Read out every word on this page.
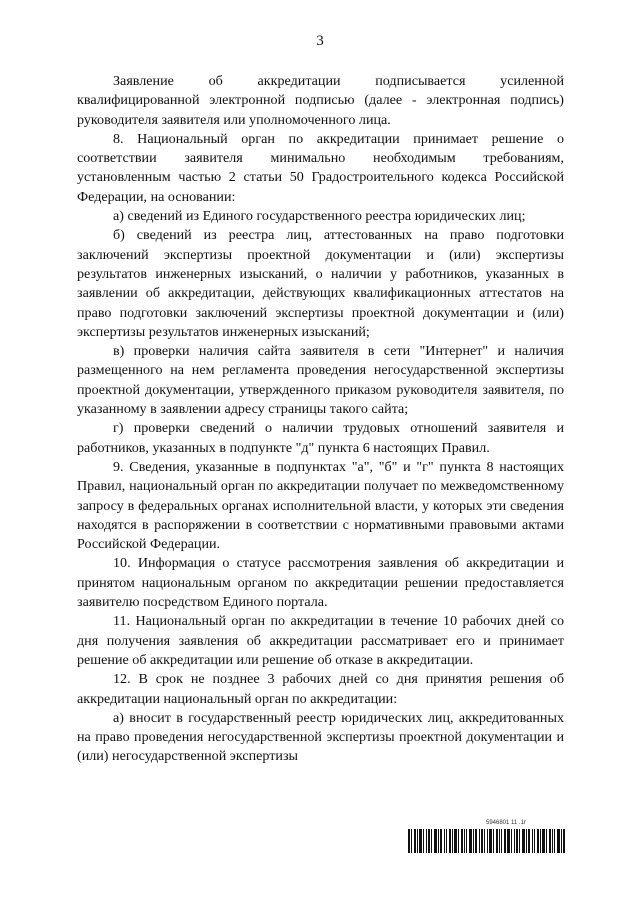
3

Заявление об аккредитации подписывается усиленной квалифицированной электронной подписью (далее - электронная подпись) руководителя заявителя или уполномоченного лица.

8. Национальный орган по аккредитации принимает решение о соответствии заявителя минимально необходимым требованиям, установленным частью 2 статьи 50 Градостроительного кодекса Российской Федерации, на основании:

а) сведений из Единого государственного реестра юридических лиц;

б) сведений из реестра лиц, аттестованных на право подготовки заключений экспертизы проектной документации и (или) экспертизы результатов инженерных изысканий, о наличии у работников, указанных в заявлении об аккредитации, действующих квалификационных аттестатов на право подготовки заключений экспертизы проектной документации и (или) экспертизы результатов инженерных изысканий;

в) проверки наличия сайта заявителя в сети "Интернет" и наличия размещенного на нем регламента проведения негосударственной экспертизы проектной документации, утвержденного приказом руководителя заявителя, по указанному в заявлении адресу страницы такого сайта;

г) проверки сведений о наличии трудовых отношений заявителя и работников, указанных в подпункте "д" пункта 6 настоящих Правил.

9. Сведения, указанные в подпунктах "а", "б" и "г" пункта 8 настоящих Правил, национальный орган по аккредитации получает по межведомственному запросу в федеральных органах исполнительной власти, у которых эти сведения находятся в распоряжении в соответствии с нормативными правовыми актами Российской Федерации.

10. Информация о статусе рассмотрения заявления об аккредитации и принятом национальным органом по аккредитации решении предоставляется заявителю посредством Единого портала.

11. Национальный орган по аккредитации в течение 10 рабочих дней со дня получения заявления об аккредитации рассматривает его и принимает решение об аккредитации или решение об отказе в аккредитации.

12. В срок не позднее 3 рабочих дней со дня принятия решения об аккредитации национальный орган по аккредитации:

а) вносит в государственный реестр юридических лиц, аккредитованных на право проведения негосударственной экспертизы проектной документации и (или) негосударственной экспертизы

5946801 11 .1r
